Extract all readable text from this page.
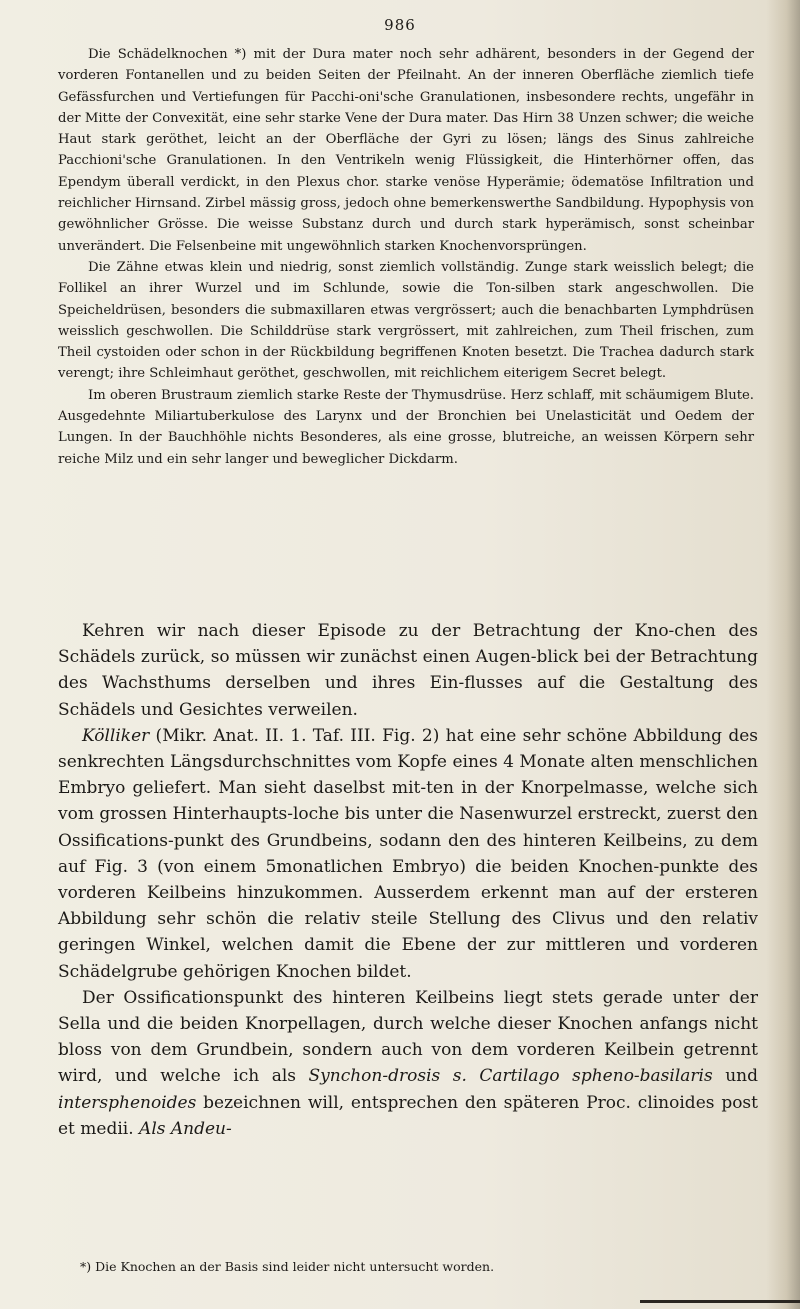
986

Die Schädelknochen *) mit der Dura mater noch sehr adhärent, besonders in der Gegend der vorderen Fontanellen und zu beiden Seiten der Pfeilnaht. An der inneren Oberfläche ziemlich tiefe Gefässfurchen und Vertiefungen für Pacchi-oni'sche Granulationen, insbesondere rechts, ungefähr in der Mitte der Convexität, eine sehr starke Vene der Dura mater. Das Hirn 38 Unzen schwer; die weiche Haut stark geröthet, leicht an der Oberfläche der Gyri zu lösen; längs des Sinus zahlreiche Pacchioni'sche Granulationen. In den Ventrikeln wenig Flüssigkeit, die Hinterhörner offen, das Ependym überall verdickt, in den Plexus chor. starke venöse Hyperämie; ödematöse Infiltration und reichlicher Hirnsand. Zirbel mässig gross, jedoch ohne bemerkenswerthe Sandbildung. Hypophysis von gewöhnlicher Grösse. Die weisse Substanz durch und durch stark hyperämisch, sonst scheinbar unverändert. Die Felsenbeine mit ungewöhnlich starken Knochenvorsprüngen.

Die Zähne etwas klein und niedrig, sonst ziemlich vollständig. Zunge stark weisslich belegt; die Follikel an ihrer Wurzel und im Schlunde, sowie die Ton-silben stark angeschwollen. Die Speicheldrüsen, besonders die submaxillaren etwas vergrössert; auch die benachbarten Lymphdrüsen weisslich geschwollen. Die Schilddrüse stark vergrössert, mit zahlreichen, zum Theil frischen, zum Theil cystoiden oder schon in der Rückbildung begriffenen Knoten besetzt. Die Trachea dadurch stark verengt; ihre Schleimhaut geröthet, geschwollen, mit reichlichem eiterigem Secret belegt.

Im oberen Brustraum ziemlich starke Reste der Thymusdrüse. Herz schlaff, mit schäumigem Blute. Ausgedehnte Miliartuberkulose des Larynx und der Bronchien bei Unelasticität und Oedem der Lungen. In der Bauchhöhle nichts Besonderes, als eine grosse, blutreiche, an weissen Körpern sehr reiche Milz und ein sehr langer und beweglicher Dickdarm.

Kehren wir nach dieser Episode zu der Betrachtung der Kno-chen des Schädels zurück, so müssen wir zunächst einen Augen-blick bei der Betrachtung des Wachsthums derselben und ihres Ein-flusses auf die Gestaltung des Schädels und Gesichtes verweilen.

Kölliker (Mikr. Anat. II. 1. Taf. III. Fig. 2) hat eine sehr schöne Abbildung des senkrechten Längsdurchschnittes vom Kopfe eines 4 Monate alten menschlichen Embryo geliefert. Man sieht daselbst mit-ten in der Knorpelmasse, welche sich vom grossen Hinterhaupts-loche bis unter die Nasenwurzel erstreckt, zuerst den Ossifications-punkt des Grundbeins, sodann den des hinteren Keilbeins, zu dem auf Fig. 3 (von einem 5monatlichen Embryo) die beiden Knochen-punkte des vorderen Keilbeins hinzukommen. Ausserdem erkennt man auf der ersteren Abbildung sehr schön die relativ steile Stellung des Clivus und den relativ geringen Winkel, welchen damit die Ebene der zur mittleren und vorderen Schädelgrube gehörigen Knochen bildet.

Der Ossificationspunkt des hinteren Keilbeins liegt stets gerade unter der Sella und die beiden Knorpellagen, durch welche dieser Knochen anfangs nicht bloss von dem Grundbein, sondern auch von dem vorderen Keilbein getrennt wird, und welche ich als Synchon-drosis s. Cartilago spheno-basilaris und intersphenoides bezeichnen will, entsprechen den späteren Proc. clinoides post et medii. Als Andeu-

*) Die Knochen an der Basis sind leider nicht untersucht worden.
